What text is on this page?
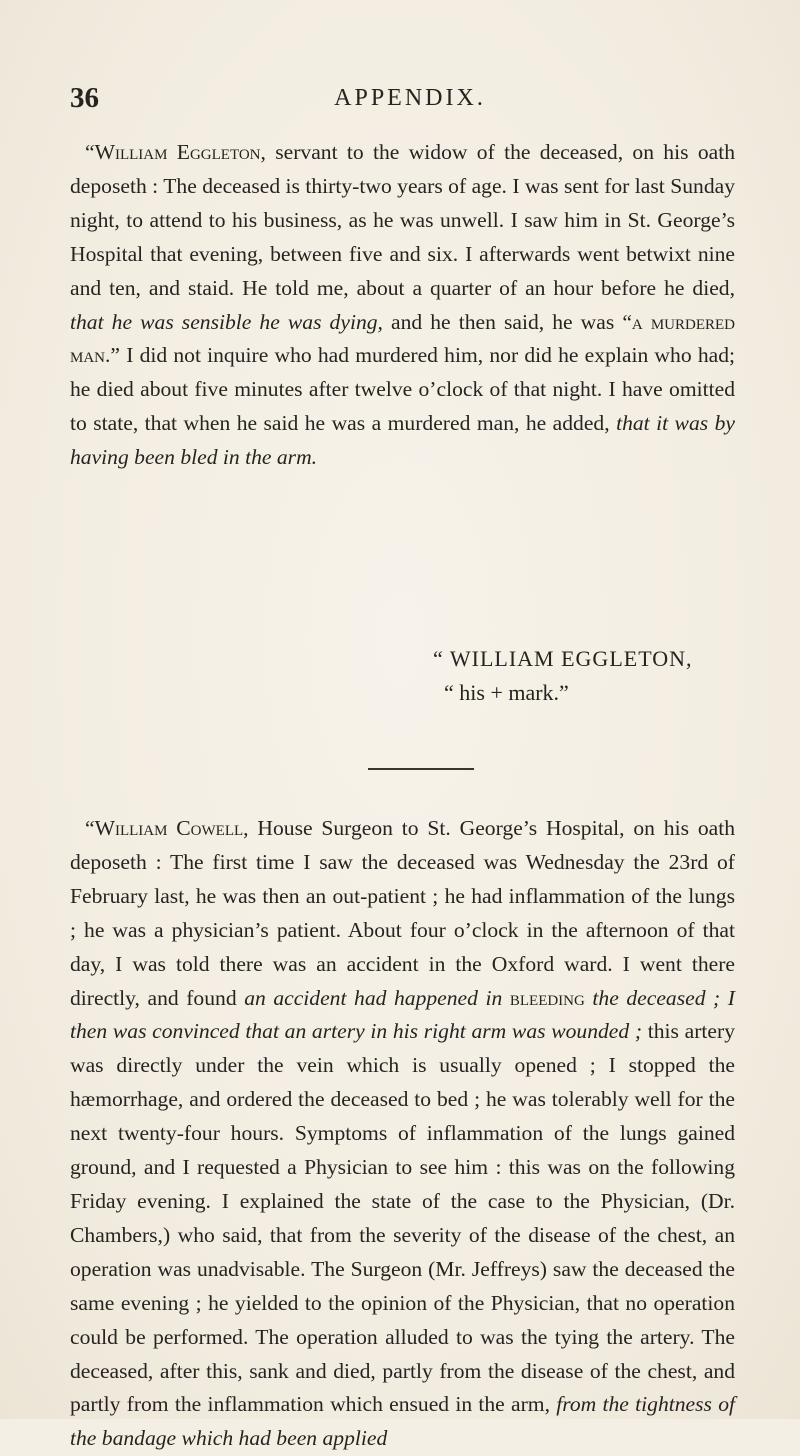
36	APPENDIX.

“William Eggleton, servant to the widow of the deceased, on his oath deposeth : The deceased is thirty-two years of age. I was sent for last Sunday night, to attend to his business, as he was unwell. I saw him in St. George’s Hospital that evening, between five and six. I afterwards went betwixt nine and ten, and staid. He told me, about a quarter of an hour before he died, that he was sensible he was dying, and he then said, he was “a murdered man.” I did not inquire who had murdered him, nor did he explain who had; he died about five minutes after twelve o’clock of that night. I have omitted to state, that when he said he was a murdered man, he added, that it was by having been bled in the arm.

“ WILLIAM EGGLETON,
“ his + mark.”

“William Cowell, House Surgeon to St. George’s Hospital, on his oath deposeth : The first time I saw the deceased was Wednesday the 23rd of February last, he was then an out-patient ; he had inflammation of the lungs ; he was a physician’s patient. About four o’clock in the afternoon of that day, I was told there was an accident in the Oxford ward. I went there directly, and found an accident had happened in bleeding the deceased ; I then was convinced that an artery in his right arm was wounded ; this artery was directly under the vein which is usually opened ; I stopped the hæmorrhage, and ordered the deceased to bed ; he was tolerably well for the next twenty-four hours. Symptoms of inflammation of the lungs gained ground, and I requested a Physician to see him : this was on the following Friday evening. I explained the state of the case to the Physician, (Dr. Chambers,) who said, that from the severity of the disease of the chest, an operation was unadvisable. The Surgeon (Mr. Jeffreys) saw the deceased the same evening ; he yielded to the opinion of the Physician, that no operation could be performed. The operation alluded to was the tying the artery. The deceased, after this, sank and died, partly from the disease of the chest, and partly from the inflammation which ensued in the arm, from the tightness of the bandage which had been applied
